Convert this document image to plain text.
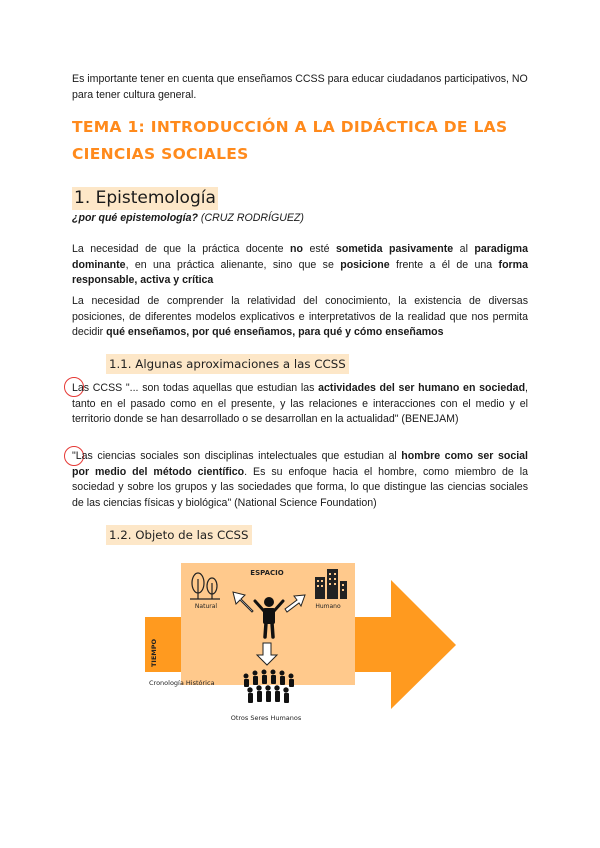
Es importante tener en cuenta que enseñamos CCSS para educar ciudadanos participativos, NO para tener cultura general.
TEMA 1: INTRODUCCIÓN A LA DIDÁCTICA DE LAS CIENCIAS SOCIALES
1. Epistemología
¿por qué epistemología? (CRUZ RODRÍGUEZ)
La necesidad de que la práctica docente no esté sometida pasivamente al paradigma dominante, en una práctica alienante, sino que se posicione frente a él de una forma responsable, activa y crítica
La necesidad de comprender la relatividad del conocimiento, la existencia de diversas posiciones, de diferentes modelos explicativos e interpretativos de la realidad que nos permita decidir qué enseñamos, por qué enseñamos, para qué y cómo enseñamos
1.1. Algunas aproximaciones a las CCSS
Las CCSS "... son todas aquellas que estudian las actividades del ser humano en sociedad, tanto en el pasado como en el presente, y las relaciones e interacciones con el medio y el territorio donde se han desarrollado o se desarrollan en la actualidad" (BENEJAM)
"Las ciencias sociales son disciplinas intelectuales que estudian al hombre como ser social por medio del método científico. Es su enfoque hacia el hombre, como miembro de la sociedad y sobre los grupos y las sociedades que forma, lo que distingue las ciencias sociales de las ciencias físicas y biológica" (National Science Foundation)
1.2. Objeto de las CCSS
ESPACIO
Natural	Humano
TIEMPO
Cronología Histórica
Otros Seres Humanos
